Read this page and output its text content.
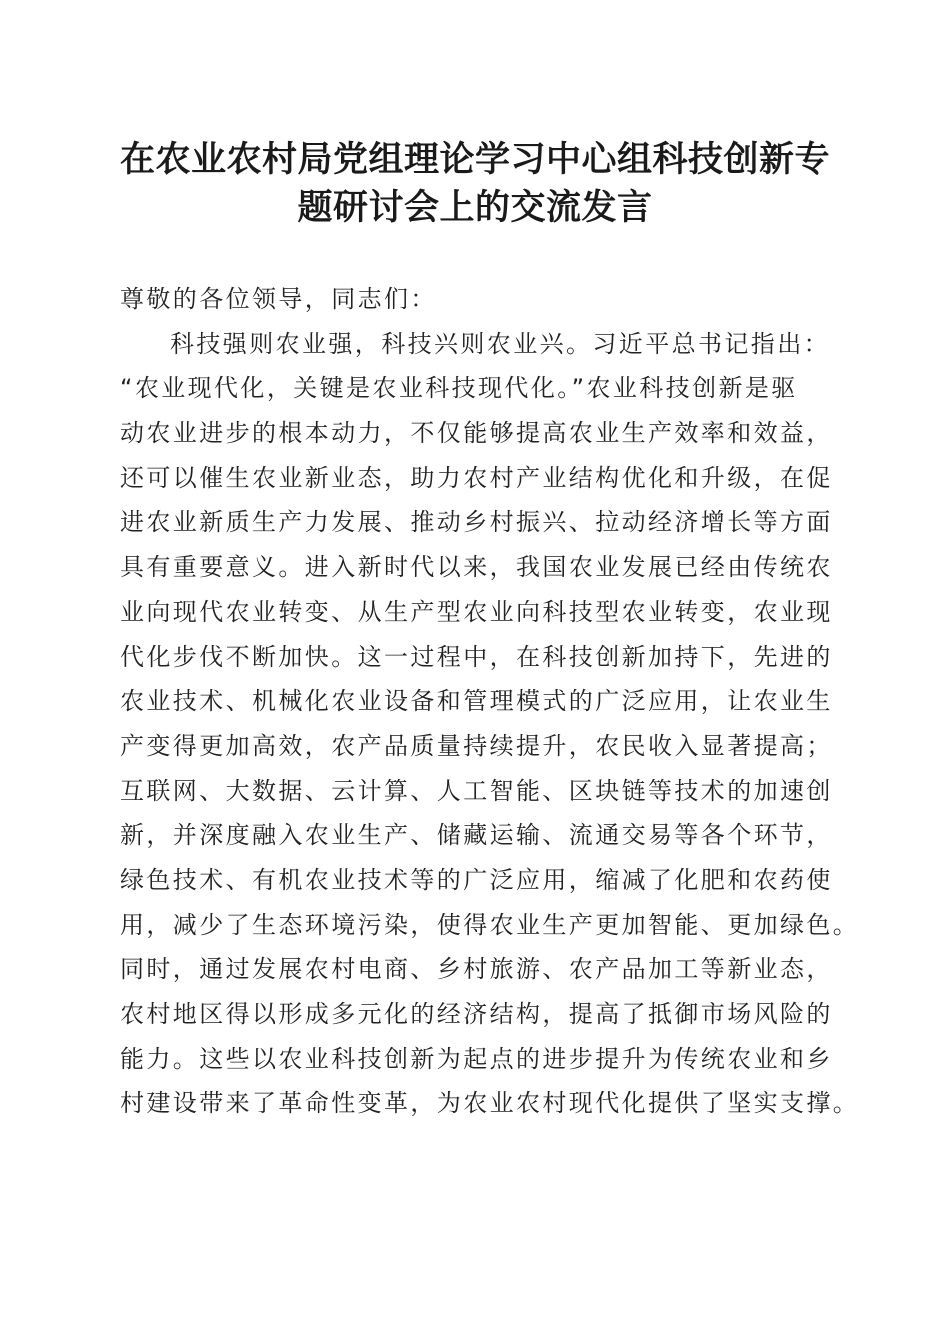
在农业农村局党组理论学习中心组科技创新专
题研讨会上的交流发言
尊敬的各位领导，同志们：
科技强则农业强，科技兴则农业兴。习近平总书记指出：
“农业现代化，关键是农业科技现代化。”农业科技创新是驱
动农业进步的根本动力，不仅能够提高农业生产效率和效益，
还可以催生农业新业态，助力农村产业结构优化和升级，在促
进农业新质生产力发展、推动乡村振兴、拉动经济增长等方面
具有重要意义。进入新时代以来，我国农业发展已经由传统农
业向现代农业转变、从生产型农业向科技型农业转变，农业现
代化步伐不断加快。这一过程中，在科技创新加持下，先进的
农业技术、机械化农业设备和管理模式的广泛应用，让农业生
产变得更加高效，农产品质量持续提升，农民收入显著提高；
互联网、大数据、云计算、人工智能、区块链等技术的加速创
新，并深度融入农业生产、储藏运输、流通交易等各个环节，
绿色技术、有机农业技术等的广泛应用，缩减了化肥和农药使
用，减少了生态环境污染，使得农业生产更加智能、更加绿色。
同时，通过发展农村电商、乡村旅游、农产品加工等新业态，
农村地区得以形成多元化的经济结构，提高了抵御市场风险的
能力。这些以农业科技创新为起点的进步提升为传统农业和乡
村建设带来了革命性变革，为农业农村现代化提供了坚实支撑。
